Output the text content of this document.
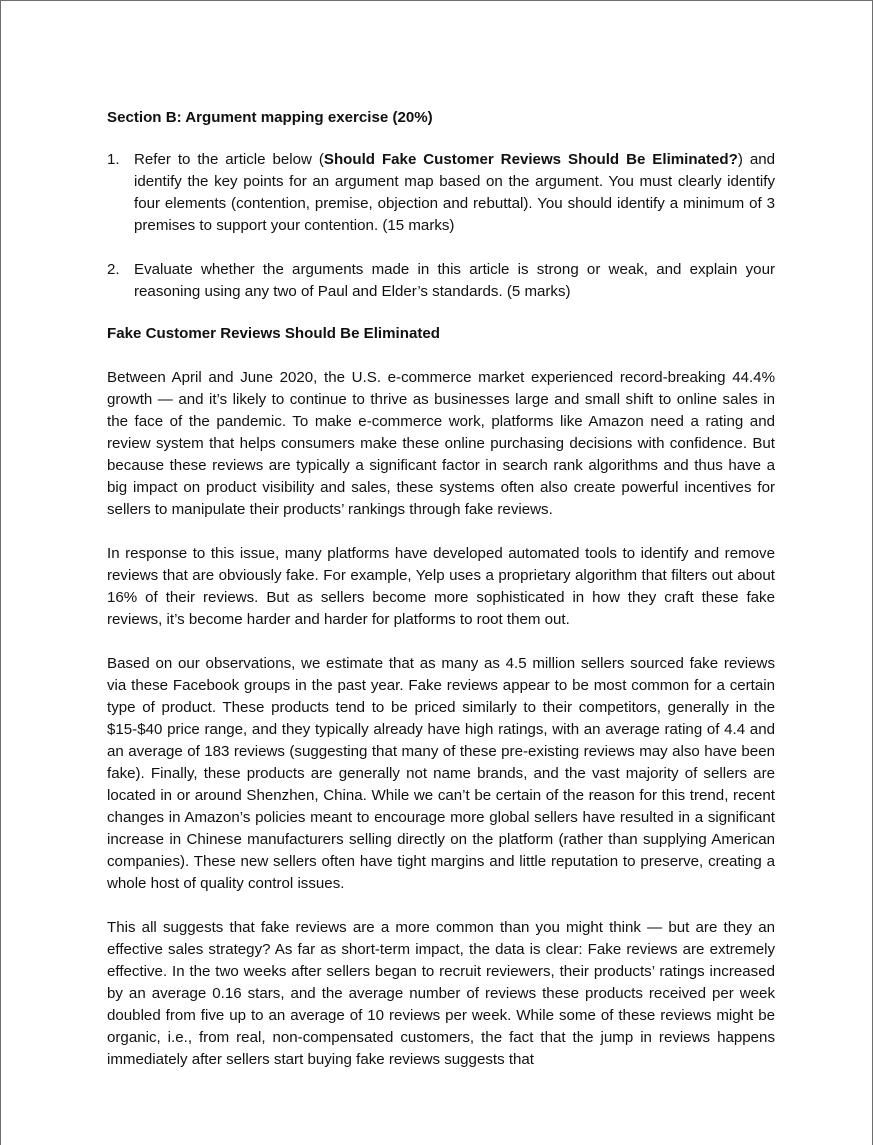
Section B: Argument mapping exercise (20%)

1. Refer to the article below (Should Fake Customer Reviews Should Be Eliminated?) and identify the key points for an argument map based on the argument. You must clearly identify four elements (contention, premise, objection and rebuttal). You should identify a minimum of 3 premises to support your contention. (15 marks)
2. Evaluate whether the arguments made in this article is strong or weak, and explain your reasoning using any two of Paul and Elder’s standards. (5 marks)

Fake Customer Reviews Should Be Eliminated

Between April and June 2020, the U.S. e-commerce market experienced record-breaking 44.4% growth — and it’s likely to continue to thrive as businesses large and small shift to online sales in the face of the pandemic. To make e-commerce work, platforms like Amazon need a rating and review system that helps consumers make these online purchasing decisions with confidence. But because these reviews are typically a significant factor in search rank algorithms and thus have a big impact on product visibility and sales, these systems often also create powerful incentives for sellers to manipulate their products’ rankings through fake reviews.

In response to this issue, many platforms have developed automated tools to identify and remove reviews that are obviously fake. For example, Yelp uses a proprietary algorithm that filters out about 16% of their reviews. But as sellers become more sophisticated in how they craft these fake reviews, it’s become harder and harder for platforms to root them out.

Based on our observations, we estimate that as many as 4.5 million sellers sourced fake reviews via these Facebook groups in the past year. Fake reviews appear to be most common for a certain type of product. These products tend to be priced similarly to their competitors, generally in the $15-$40 price range, and they typically already have high ratings, with an average rating of 4.4 and an average of 183 reviews (suggesting that many of these pre-existing reviews may also have been fake). Finally, these products are generally not name brands, and the vast majority of sellers are located in or around Shenzhen, China. While we can’t be certain of the reason for this trend, recent changes in Amazon’s policies meant to encourage more global sellers have resulted in a significant increase in Chinese manufacturers selling directly on the platform (rather than supplying American companies). These new sellers often have tight margins and little reputation to preserve, creating a whole host of quality control issues.

This all suggests that fake reviews are a more common than you might think — but are they an effective sales strategy? As far as short-term impact, the data is clear: Fake reviews are extremely effective. In the two weeks after sellers began to recruit reviewers, their products’ ratings increased by an average 0.16 stars, and the average number of reviews these products received per week doubled from five up to an average of 10 reviews per week. While some of these reviews might be organic, i.e., from real, non-compensated customers, the fact that the jump in reviews happens immediately after sellers start buying fake reviews suggests that
